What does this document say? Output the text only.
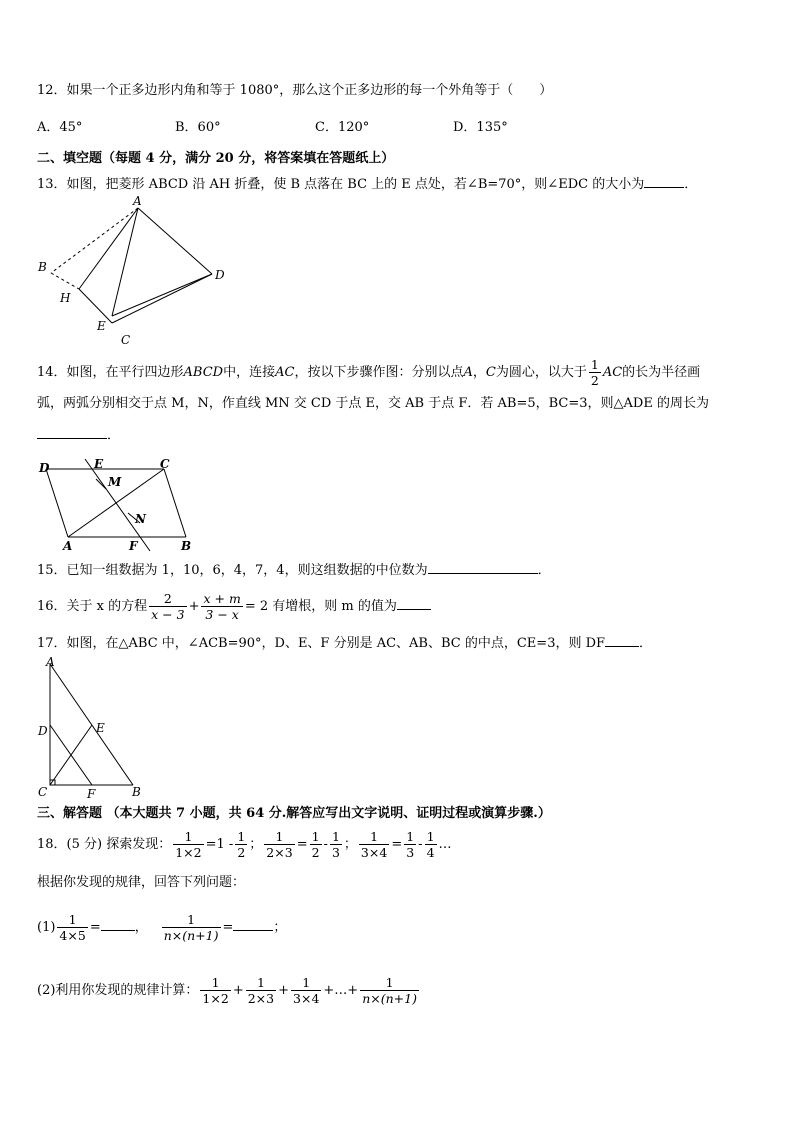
12．如果一个正多边形内角和等于 1080°，那么这个正多边形的每一个外角等于（　　）
A．45°	B．60°	C．120°	D．135°
二、填空题（每题 4 分，满分 20 分，将答案填在答题纸上）
13．如图，把菱形 ABCD 沿 AH 折叠，使 B 点落在 BC 上的 E 点处，若∠B=70°，则∠EDC 的大小为	．
A
B
D
H
E
C
14．如图，在平行四边形ABCD中，连接AC，按以下步骤作图：分别以点A，C为圆心，以大于 $\frac{1}{2}$ AC的长为半径画
弧，两弧分别相交于点 M，N，作直线 MN 交 CD 于点 E，交 AB 于点 F．若 AB=5，BC=3，则△ADE 的周长为
．
D	E	C
M
N
A	F	B
15．已知一组数据为 1，10，6，4，7，4，则这组数据的中位数为	．
16．关于 x 的方程 $\frac{2}{x - 3} + \frac{x + m}{3 - x} = 2$ 有增根，则 m 的值为
17．如图，在△ABC 中，∠ACB=90°，D、E、F 分别是 AC、AB、BC 的中点，CE=3，则 DF	．
A
D	E
C	F	B
三、解答题 （本大题共 7 小题，共 64 分.解答应写出文字说明、证明过程或演算步骤.）
18．(5 分) 探索发现： $\frac{1}{1\times 2} =1 - \frac{1}{2}$ ； $\frac{1}{2\times 3} = \frac{1}{2} - \frac{1}{3}$ ； $\frac{1}{3\times 4} = \frac{1}{3} - \frac{1}{4}$ …
根据你发现的规律，回答下列问题：
$(1) \frac{1}{4\times 5}$ =	， $\frac{1}{n\times(n+1)}$ =	；
(2)利用你发现的规律计算： $\frac{1}{1\times 2} + \frac{1}{2\times 3} + \frac{1}{3\times 4}$ +…+ $\frac{1}{n\times(n+1)}$
